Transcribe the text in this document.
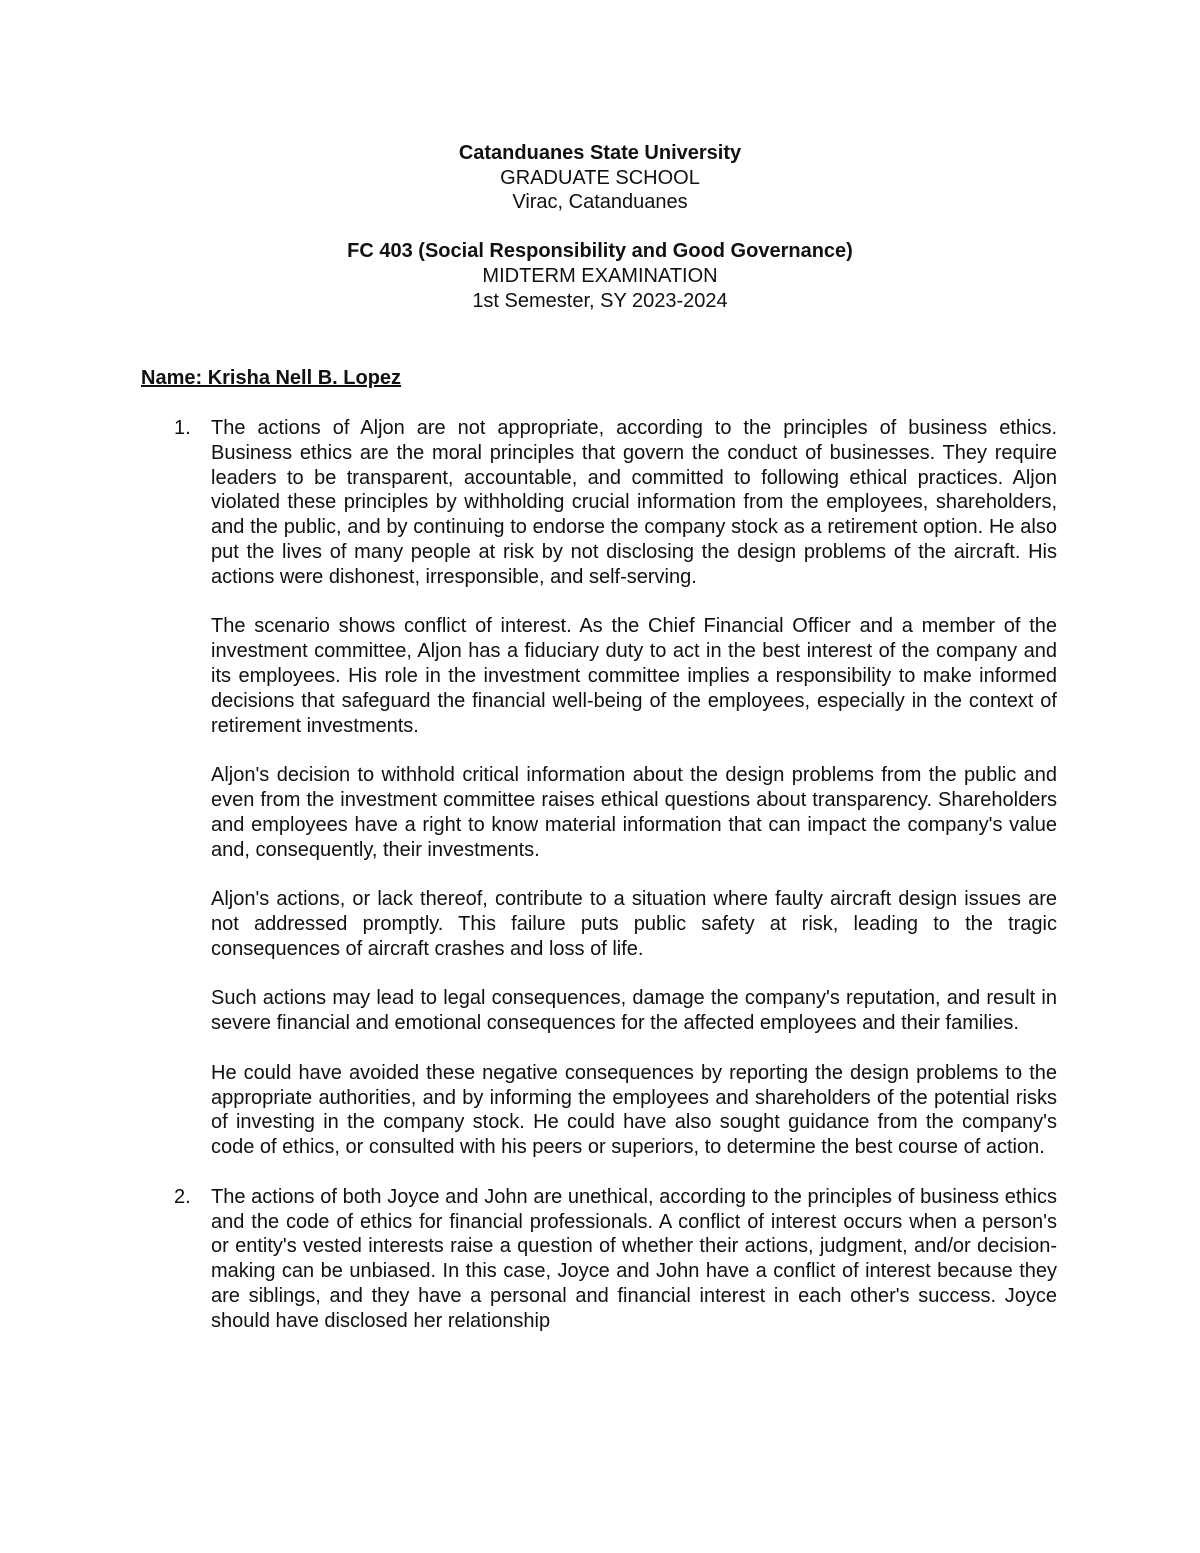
Catanduanes State University
GRADUATE SCHOOL
Virac, Catanduanes
FC 403 (Social Responsibility and Good Governance)
MIDTERM EXAMINATION
1st Semester, SY 2023-2024
Name: Krisha Nell B. Lopez
1. The actions of Aljon are not appropriate, according to the principles of business ethics. Business ethics are the moral principles that govern the conduct of businesses. They require leaders to be transparent, accountable, and committed to following ethical practices. Aljon violated these principles by withholding crucial information from the employees, shareholders, and the public, and by continuing to endorse the company stock as a retirement option. He also put the lives of many people at risk by not disclosing the design problems of the aircraft. His actions were dishonest, irresponsible, and self-serving.

The scenario shows conflict of interest. As the Chief Financial Officer and a member of the investment committee, Aljon has a fiduciary duty to act in the best interest of the company and its employees. His role in the investment committee implies a responsibility to make informed decisions that safeguard the financial well-being of the employees, especially in the context of retirement investments.

Aljon's decision to withhold critical information about the design problems from the public and even from the investment committee raises ethical questions about transparency. Shareholders and employees have a right to know material information that can impact the company's value and, consequently, their investments.

Aljon's actions, or lack thereof, contribute to a situation where faulty aircraft design issues are not addressed promptly. This failure puts public safety at risk, leading to the tragic consequences of aircraft crashes and loss of life.

Such actions may lead to legal consequences, damage the company's reputation, and result in severe financial and emotional consequences for the affected employees and their families.

He could have avoided these negative consequences by reporting the design problems to the appropriate authorities, and by informing the employees and shareholders of the potential risks of investing in the company stock. He could have also sought guidance from the company's code of ethics, or consulted with his peers or superiors, to determine the best course of action.

2. The actions of both Joyce and John are unethical, according to the principles of business ethics and the code of ethics for financial professionals. A conflict of interest occurs when a person's or entity's vested interests raise a question of whether their actions, judgment, and/or decision-making can be unbiased. In this case, Joyce and John have a conflict of interest because they are siblings, and they have a personal and financial interest in each other's success. Joyce should have disclosed her relationship
